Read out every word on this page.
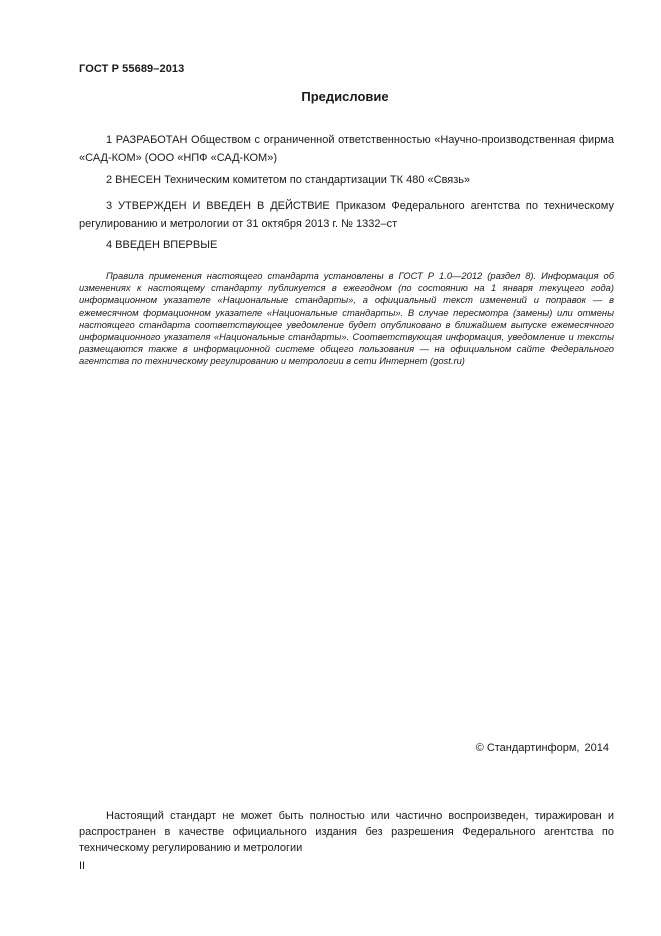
ГОСТ Р 55689–2013
Предисловие

1 РАЗРАБОТАН Обществом с ограниченной ответственностью «Научно-производственная фирма «САД-КОМ» (ООО «НПФ «САД-КОМ»)

2 ВНЕСЕН Техническим комитетом по стандартизации ТК 480 «Связь»

3 УТВЕРЖДЕН И ВВЕДЕН В ДЕЙСТВИЕ Приказом Федерального агентства по техническому регулированию и метрологии от 31 октября 2013 г. № 1332–ст

4 ВВЕДЕН ВПЕРВЫЕ

Правила применения настоящего стандарта установлены в ГОСТ Р 1.0—2012 (раздел 8). Информация об изменениях к настоящему стандарту публикуется в ежегодном (по состоянию на 1 января текущего года) информационном указателе «Национальные стандарты», а официальный текст изменений и поправок — в ежемесячном формационном указателе «Национальные стандарты». В случае пересмотра (замены) или отмены настоящего стандарта соответствующее уведомление будет опубликовано в ближайшем выпуске ежемесячного информационного указателя «Национальные стандарты». Соответствующая информация, уведомление и тексты размещаются также в информационной системе общего пользования — на официальном сайте Федерального агентства по техническому регулированию и метрологии в сети Интернет (gost.ru)

© Стандартинформ, 2014

Настоящий стандарт не может быть полностью или частично воспроизведен, тиражирован и распространен в качестве официального издания без разрешения Федерального агентства по техническому регулированию и метрологии

II
